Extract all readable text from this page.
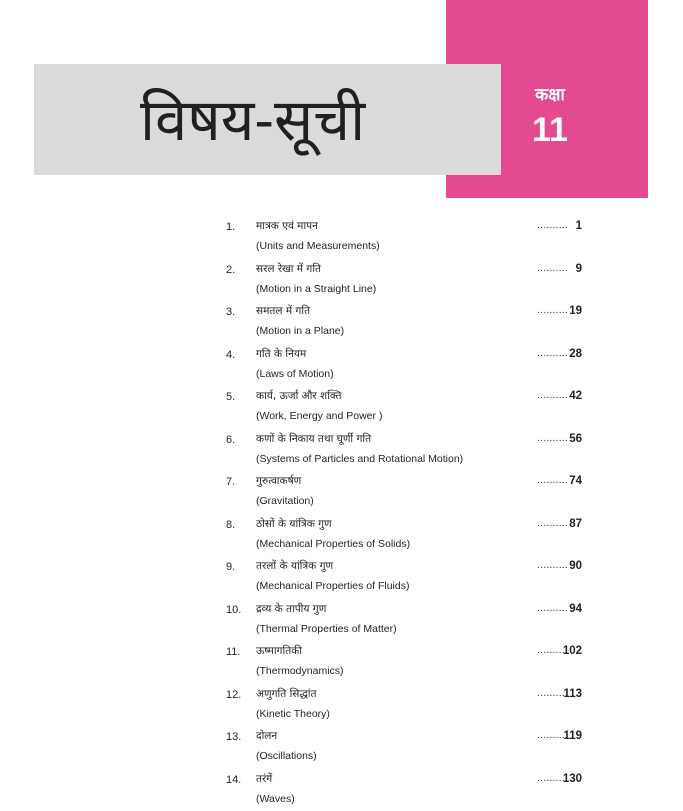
विषय-सूची	कक्षा
11
1.	मात्रक एवं मापन
(Units and Measurements)
.......... 1
2.	सरल रेखा में गति
(Motion in a Straight Line)
.......... 9
3.	समतल में गति
(Motion in a Plane)
.......... 19
4.	गति के नियम
(Laws of Motion)
.......... 28
5.	कार्य, ऊर्जा और शक्ति
(Work, Energy and Power )
.......... 42
6.	कणों के निकाय तथा घूर्णी गति
(Systems of Particles and Rotational Motion)
.......... 56
7.	गुरुत्वाकर्षण
(Gravitation)
.......... 74
8.	ठोसों के यांत्रिक गुण
(Mechanical Properties of Solids)
.......... 87
9.	तरलों के यांत्रिक गुण
(Mechanical Properties of Fluids)
.......... 90
10.	द्रव्य के तापीय गुण
(Thermal Properties of Matter)
.......... 94
11.	ऊष्मागतिकी
(Thermodynamics)
..........
102
12.	अणुगति सिद्धांत
(Kinetic Theory)
..........
113
13.	दोलन
(Oscillations)
..........
119
14.	तरंगें
(Waves)
..........
130
